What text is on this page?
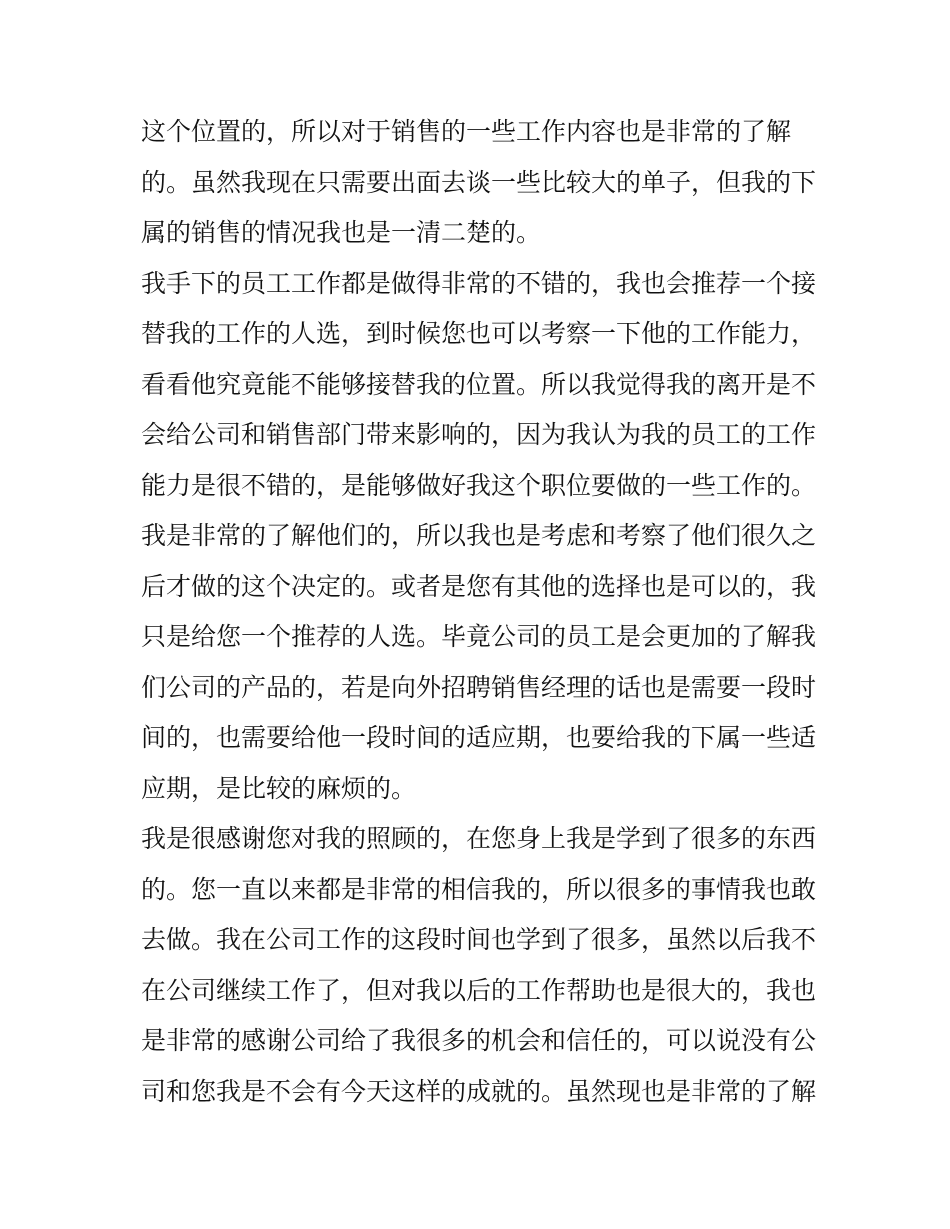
这个位置的，所以对于销售的一些工作内容也是非常的了解
的。虽然我现在只需要出面去谈一些比较大的单子，但我的下
属的销售的情况我也是一清二楚的。
我手下的员工工作都是做得非常的不错的，我也会推荐一个接
替我的工作的人选，到时候您也可以考察一下他的工作能力，
看看他究竟能不能够接替我的位置。所以我觉得我的离开是不
会给公司和销售部门带来影响的，因为我认为我的员工的工作
能力是很不错的，是能够做好我这个职位要做的一些工作的。
我是非常的了解他们的，所以我也是考虑和考察了他们很久之
后才做的这个决定的。或者是您有其他的选择也是可以的，我
只是给您一个推荐的人选。毕竟公司的员工是会更加的了解我
们公司的产品的，若是向外招聘销售经理的话也是需要一段时
间的，也需要给他一段时间的适应期，也要给我的下属一些适
应期，是比较的麻烦的。
我是很感谢您对我的照顾的，在您身上我是学到了很多的东西
的。您一直以来都是非常的相信我的，所以很多的事情我也敢
去做。我在公司工作的这段时间也学到了很多，虽然以后我不
在公司继续工作了，但对我以后的工作帮助也是很大的，我也
是非常的感谢公司给了我很多的机会和信任的，可以说没有公
司和您我是不会有今天这样的成就的。虽然现也是非常的了解
